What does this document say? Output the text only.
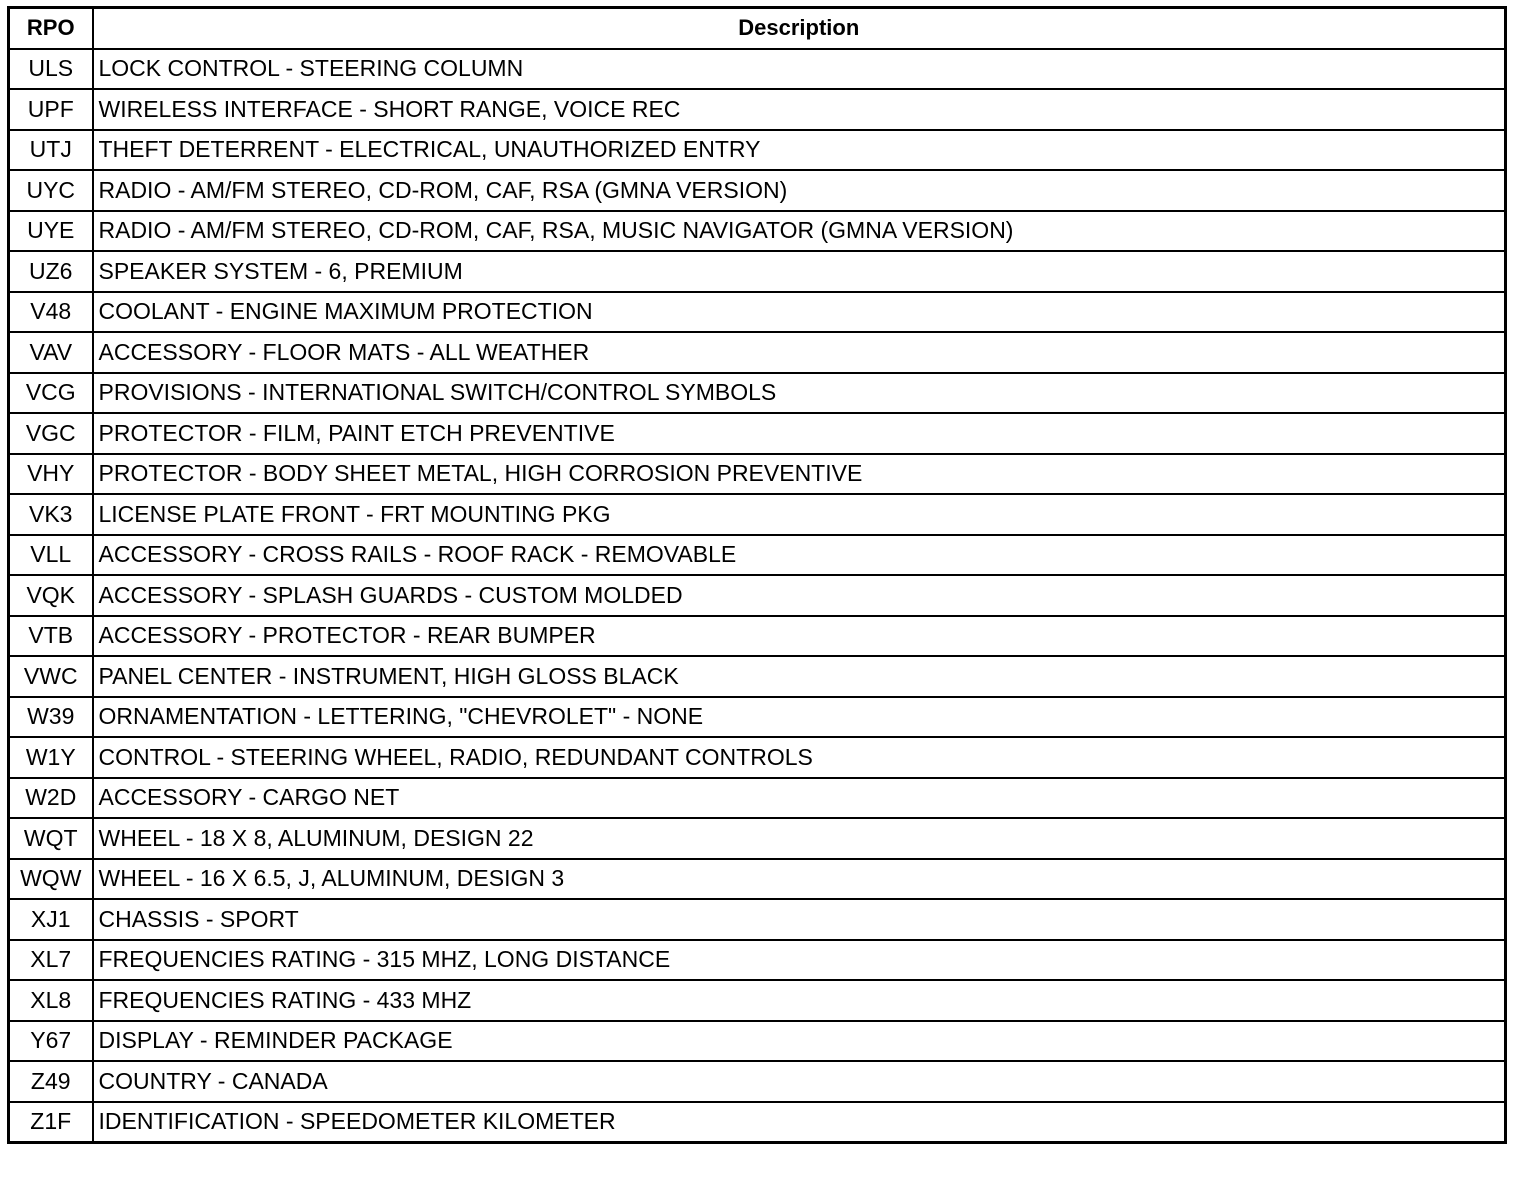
RPO	Description
ULS	LOCK CONTROL - STEERING COLUMN
UPF	WIRELESS INTERFACE - SHORT RANGE, VOICE REC
UTJ	THEFT DETERRENT - ELECTRICAL, UNAUTHORIZED ENTRY
UYC	RADIO - AM/FM STEREO, CD-ROM, CAF, RSA (GMNA VERSION)
UYE	RADIO - AM/FM STEREO, CD-ROM, CAF, RSA, MUSIC NAVIGATOR (GMNA VERSION)
UZ6	SPEAKER SYSTEM - 6, PREMIUM
V48	COOLANT - ENGINE MAXIMUM PROTECTION
VAV	ACCESSORY - FLOOR MATS - ALL WEATHER
VCG	PROVISIONS - INTERNATIONAL SWITCH/CONTROL SYMBOLS
VGC	PROTECTOR - FILM, PAINT ETCH PREVENTIVE
VHY	PROTECTOR - BODY SHEET METAL, HIGH CORROSION PREVENTIVE
VK3	LICENSE PLATE FRONT - FRT MOUNTING PKG
VLL	ACCESSORY - CROSS RAILS - ROOF RACK - REMOVABLE
VQK	ACCESSORY - SPLASH GUARDS - CUSTOM MOLDED
VTB	ACCESSORY - PROTECTOR - REAR BUMPER
VWC	PANEL CENTER - INSTRUMENT, HIGH GLOSS BLACK
W39	ORNAMENTATION - LETTERING, "CHEVROLET" - NONE
W1Y	CONTROL - STEERING WHEEL, RADIO, REDUNDANT CONTROLS
W2D	ACCESSORY - CARGO NET
WQT	WHEEL - 18 X 8, ALUMINUM, DESIGN 22
WQW	WHEEL - 16 X 6.5, J, ALUMINUM, DESIGN 3
XJ1	CHASSIS - SPORT
XL7	FREQUENCIES RATING - 315 MHZ, LONG DISTANCE
XL8	FREQUENCIES RATING - 433 MHZ
Y67	DISPLAY - REMINDER PACKAGE
Z49	COUNTRY - CANADA
Z1F	IDENTIFICATION - SPEEDOMETER KILOMETER
